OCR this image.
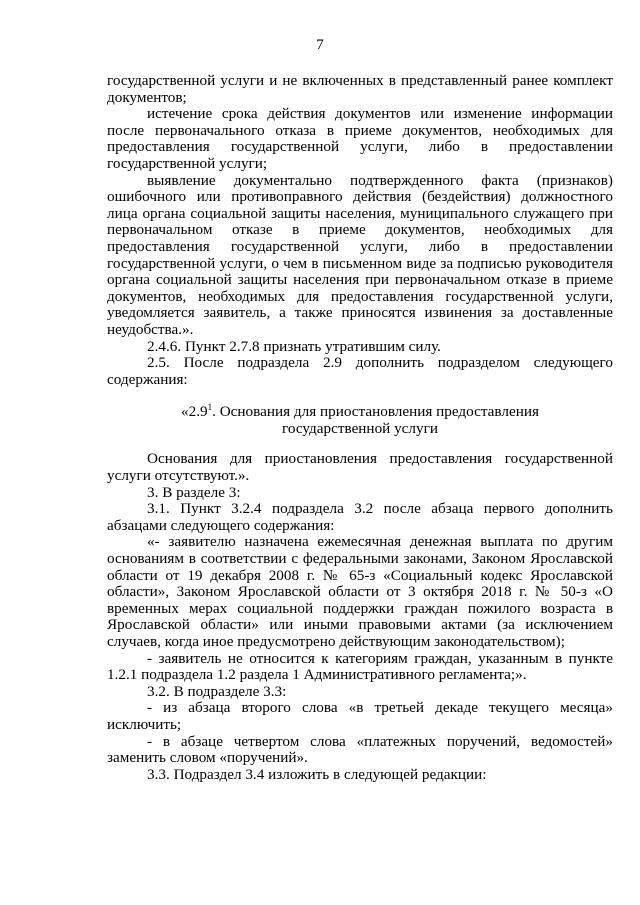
7

государственной услуги и не включенных в представленный ранее комплект документов;

истечение срока действия документов или изменение информации после первоначального отказа в приеме документов, необходимых для предоставления государственной услуги, либо в предоставлении государственной услуги;

выявление документально подтвержденного факта (признаков) ошибочного или противоправного действия (бездействия) должностного лица органа социальной защиты населения, муниципального служащего при первоначальном отказе в приеме документов, необходимых для предоставления государственной услуги, либо в предоставлении государственной услуги, о чем в письменном виде за подписью руководителя органа социальной защиты населения при первоначальном отказе в приеме документов, необходимых для предоставления государственной услуги, уведомляется заявитель, а также приносятся извинения за доставленные неудобства.».

2.4.6. Пункт 2.7.8 признать утратившим силу.

2.5. После подраздела 2.9 дополнить подразделом следующего содержания:

«$2.9^1$. Основания для приостановления предоставления государственной услуги

Основания для приостановления предоставления государственной услуги отсутствуют.».

3. В разделе 3:

3.1. Пункт 3.2.4 подраздела 3.2 после абзаца первого дополнить абзацами следующего содержания:

«- заявителю назначена ежемесячная денежная выплата по другим основаниям в соответствии с федеральными законами, Законом Ярославской области от 19 декабря 2008 г. № 65-з «Социальный кодекс Ярославской области», Законом Ярославской области от 3 октября 2018 г. № 50-з «О временных мерах социальной поддержки граждан пожилого возраста в Ярославской области» или иными правовыми актами (за исключением случаев, когда иное предусмотрено действующим законодательством);

- заявитель не относится к категориям граждан, указанным в пункте 1.2.1 подраздела 1.2 раздела 1 Административного регламента;».

3.2. В подразделе 3.3:

- из абзаца второго слова «в третьей декаде текущего месяца» исключить;

- в абзаце четвертом слова «платежных поручений, ведомостей» заменить словом «поручений».

3.3. Подраздел 3.4 изложить в следующей редакции:
